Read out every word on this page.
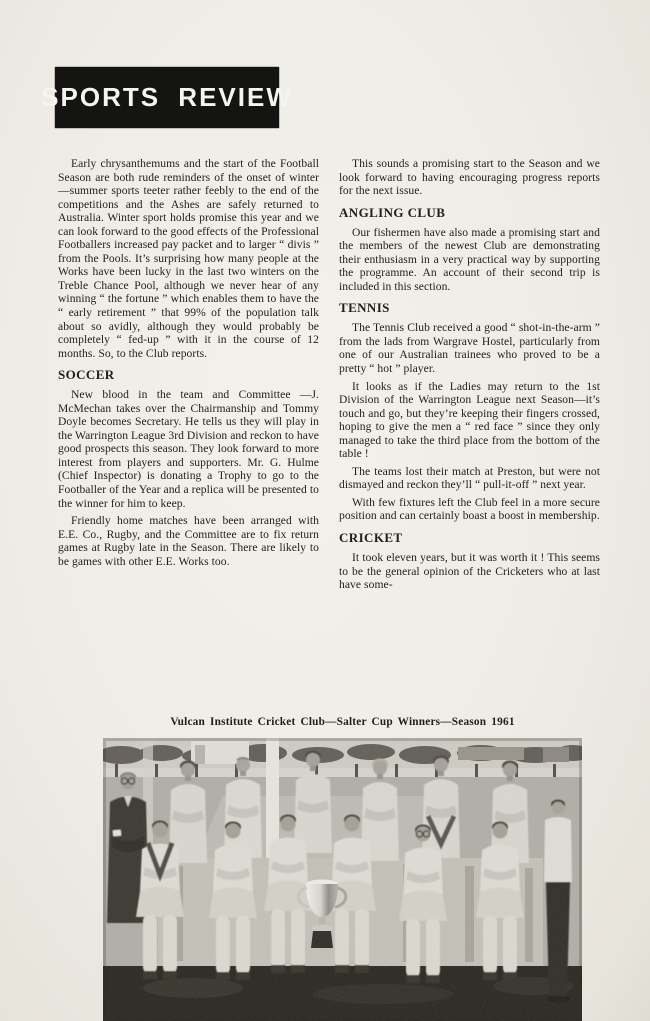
SPORTS REVIEW

Early chrysanthemums and the start of the Football Season are both rude reminders of the onset of winter—summer sports teeter rather feebly to the end of the competitions and the Ashes are safely returned to Australia. Winter sport holds promise this year and we can look forward to the good effects of the Professional Footballers increased pay packet and to larger “ divis ” from the Pools. It’s surprising how many people at the Works have been lucky in the last two winters on the Treble Chance Pool, although we never hear of any winning “ the fortune ” which enables them to have the “ early retirement ” that 99% of the population talk about so avidly, although they would probably be completely “ fed-up ” with it in the course of 12 months. So, to the Club reports.

SOCCER

New blood in the team and Committee —J. McMechan takes over the Chairmanship and Tommy Doyle becomes Secretary. He tells us they will play in the Warrington League 3rd Division and reckon to have good prospects this season. They look forward to more interest from players and supporters. Mr. G. Hulme (Chief Inspector) is donating a Trophy to go to the Footballer of the Year and a replica will be presented to the winner for him to keep.

Friendly home matches have been arranged with E.E. Co., Rugby, and the Committee are to fix return games at Rugby late in the Season. There are likely to be games with other E.E. Works too.

This sounds a promising start to the Season and we look forward to having encouraging progress reports for the next issue.

ANGLING CLUB

Our fishermen have also made a promising start and the members of the newest Club are demonstrating their enthusiasm in a very practical way by supporting the programme. An account of their second trip is included in this section.

TENNIS

The Tennis Club received a good “ shot-in-the-arm ” from the lads from Wargrave Hostel, particularly from one of our Australian trainees who proved to be a pretty “ hot ” player.

It looks as if the Ladies may return to the 1st Division of the Warrington League next Season—it’s touch and go, but they’re keeping their fingers crossed, hoping to give the men a “ red face ” since they only managed to take the third place from the bottom of the table !

The teams lost their match at Preston, but were not dismayed and reckon they’ll “ pull-it-off ” next year.

With few fixtures left the Club feel in a more secure position and can certainly boast a boost in membership.

CRICKET

It took eleven years, but it was worth it ! This seems to be the general opinion of the Cricketers who at last have some-

Vulcan Institute Cricket Club—Salter Cup Winners—Season 1961
